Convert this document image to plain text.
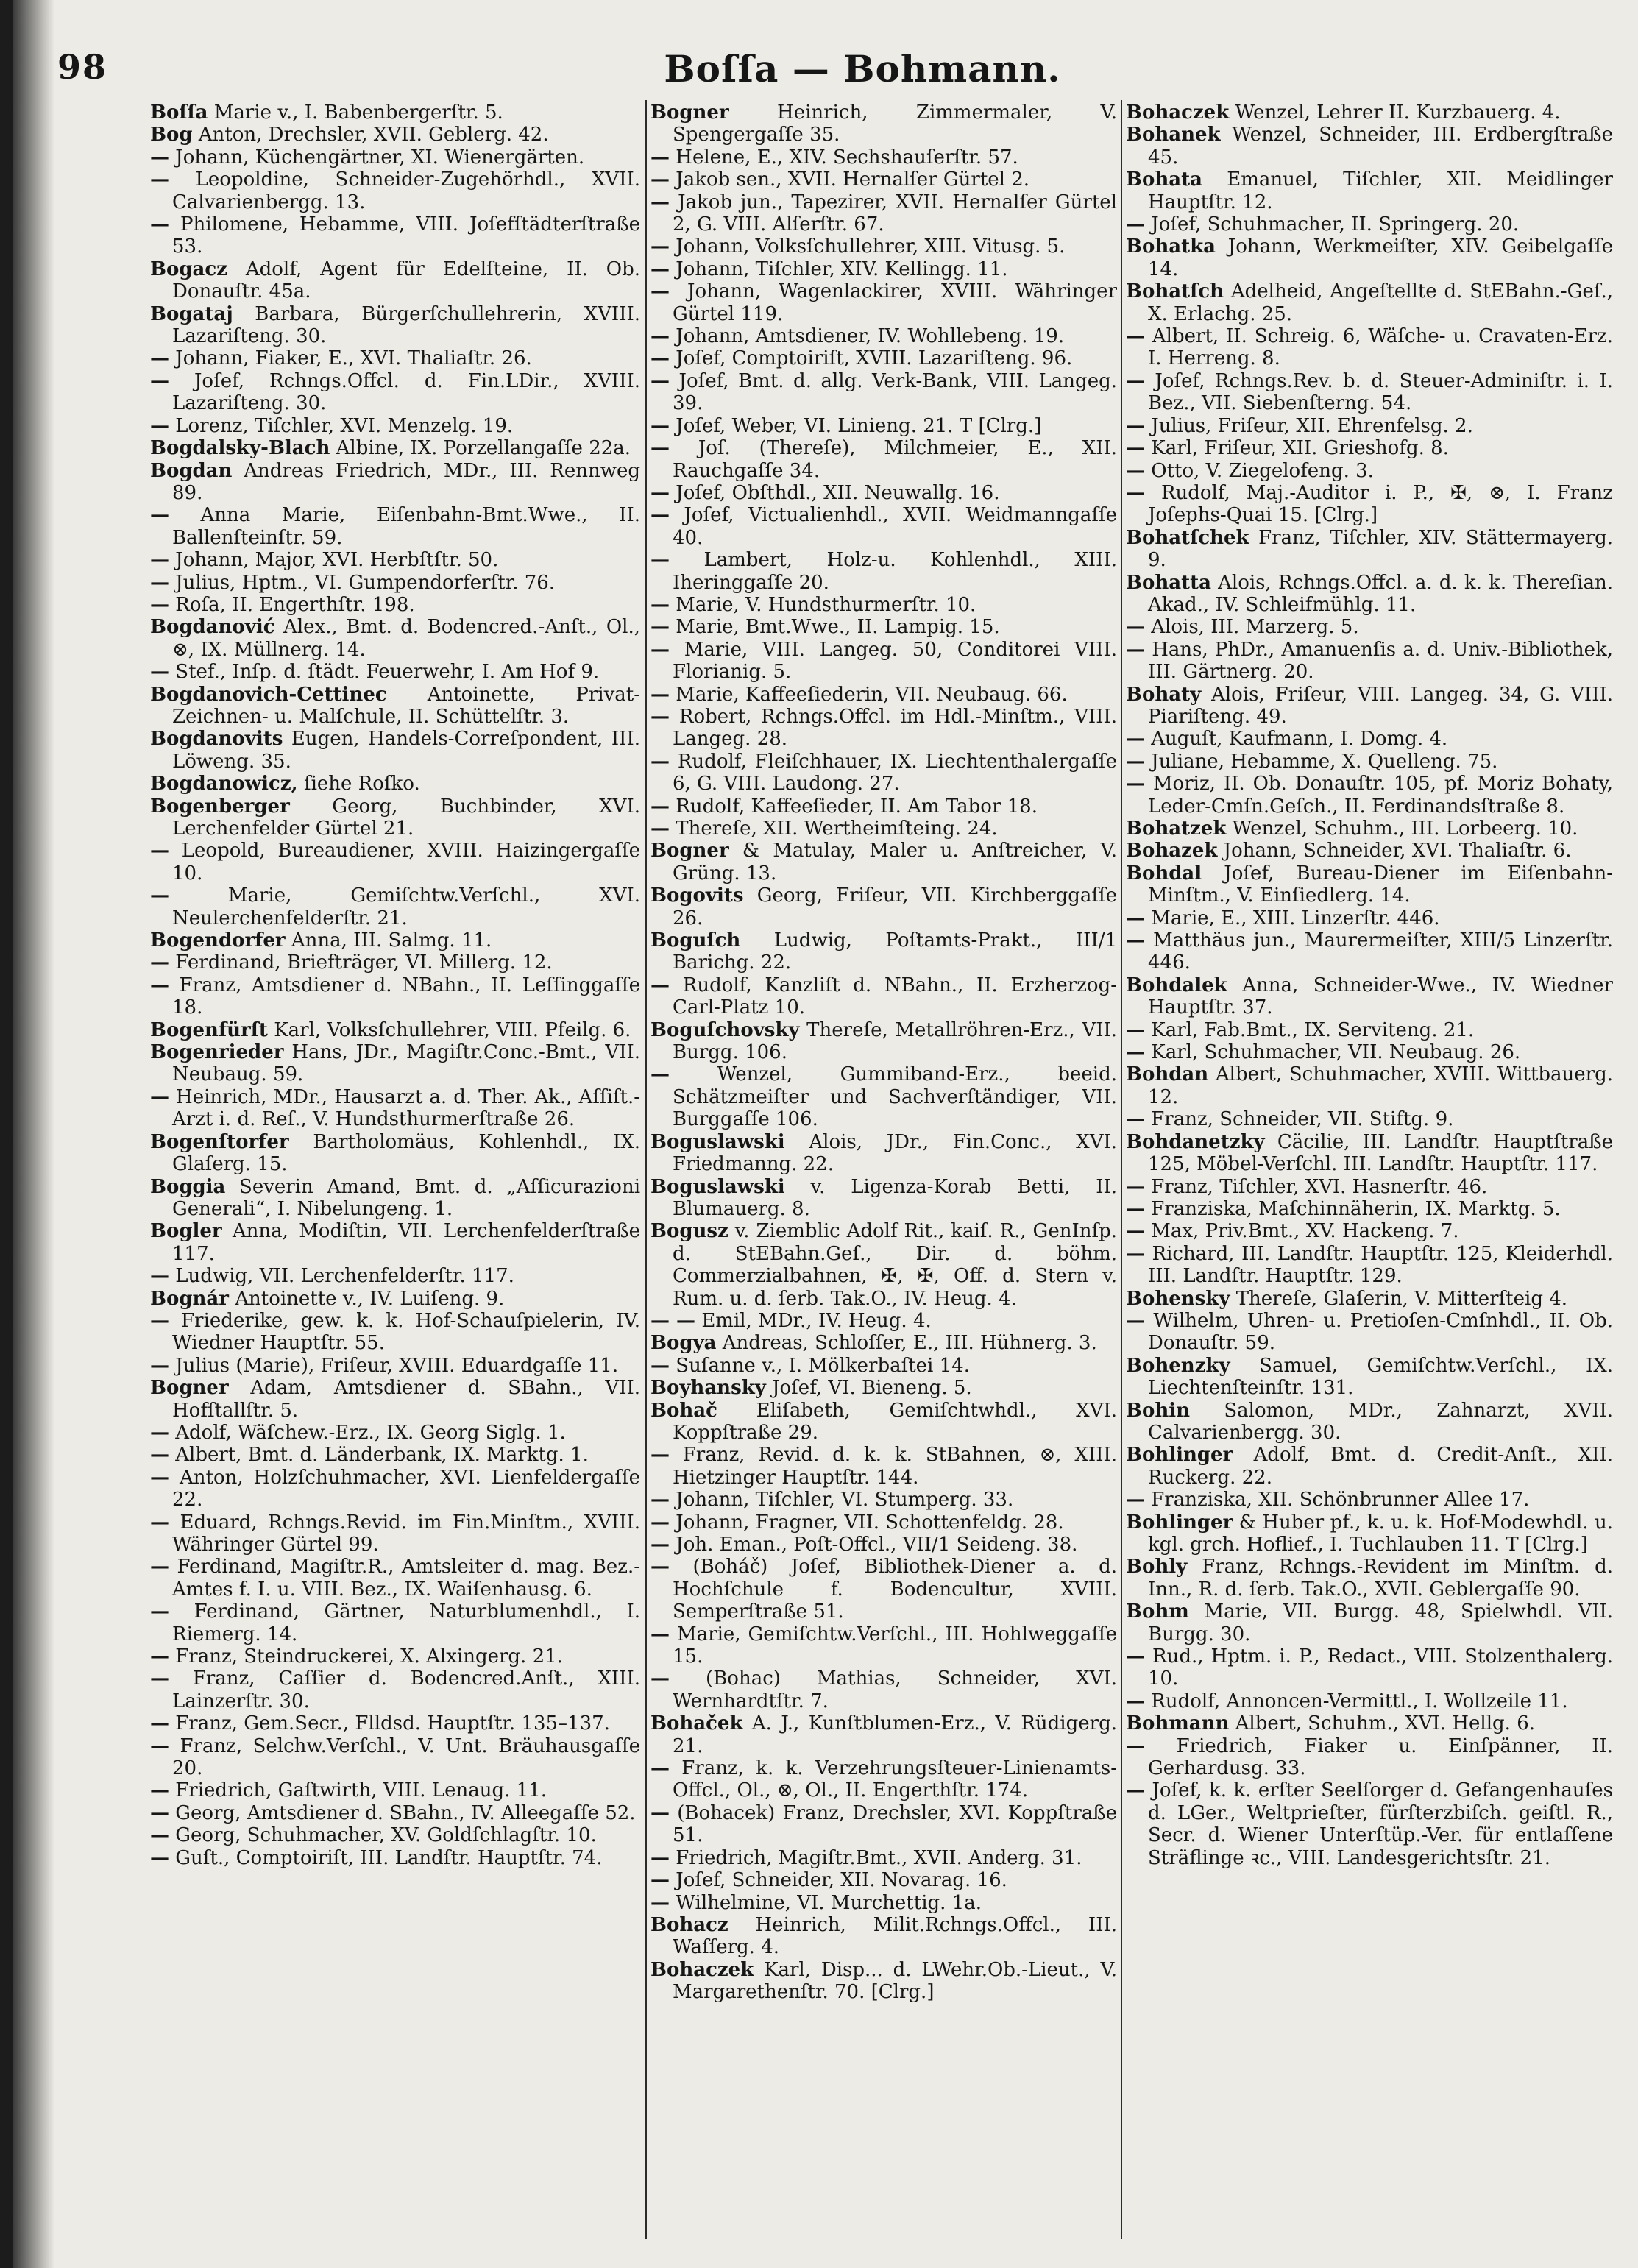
98	Boſſa — Bohmann.

Boſſa Marie v., I. Babenbergerſtr. 5.

Bog Anton, Drechsler, XVII. Geblerg. 42.

— Johann, Küchengärtner, XI. Wienergärten.

— Leopoldine, Schneider-Zugehörhdl., XVII. Calvarienbergg. 13.

— Philomene, Hebamme, VIII. Joſefſtädterſtraße 53.

Bogacz Adolf, Agent für Edelſteine, II. Ob. Donauſtr. 45a.

Bogataj Barbara, Bürgerſchullehrerin, XVIII. Lazariſteng. 30.

— Johann, Fiaker, E., XVI. Thaliaſtr. 26.

— Joſef, Rchngs.Offcl. d. Fin.LDir., XVIII. Lazariſteng. 30.

— Lorenz, Tiſchler, XVI. Menzelg. 19.

Bogdalsky-Blach Albine, IX. Porzellangaſſe 22a.

Bogdan Andreas Friedrich, MDr., III. Rennweg 89.

— Anna Marie, Eiſenbahn-Bmt.Wwe., II. Ballenſteinſtr. 59.

— Johann, Major, XVI. Herbſtſtr. 50.

— Julius, Hptm., VI. Gumpendorferſtr. 76.

— Roſa, II. Engerthſtr. 198.

Bogdanović Alex., Bmt. d. Bodencred.-Anſt., Ol., ⊗, IX. Müllnerg. 14.

— Stef., Inſp. d. ſtädt. Feuerwehr, I. Am Hof 9.

Bogdanovich-Cettinec Antoinette, Privat-Zeichnen- u. Malſchule, II. Schüttelſtr. 3.

Bogdanovits Eugen, Handels-Correſpondent, III. Löweng. 35.

Bogdanowicz, ſiehe Roſko.

Bogenberger Georg, Buchbinder, XVI. Lerchenfelder Gürtel 21.

— Leopold, Bureaudiener, XVIII. Haizingergaſſe 10.

—	Marie, Gemiſchtw.Verſchl., XVI. Neulerchenfelderſtr. 21.

Bogendorfer Anna, III. Salmg. 11.

— Ferdinand, Briefträger, VI. Millerg. 12.

— Franz, Amtsdiener d. NBahn., II. Leſſinggaſſe 18.

Bogenfürſt Karl, Volksſchullehrer, VIII. Pfeilg. 6.

Bogenrieder Hans, JDr., Magiſtr.Conc.-Bmt., VII. Neubaug. 59.

— Heinrich, MDr., Hausarzt a. d. Ther. Ak., Aſſiſt.-Arzt i. d. Reſ., V. Hundsthurmerſtraße 26.

Bogenſtorfer Bartholomäus, Kohlenhdl., IX. Glaſerg. 15.

Boggia Severin Amand, Bmt. d. „Aſſicurazioni Generali“, I. Nibelungeng. 1.

Bogler Anna, Modiſtin, VII. Lerchenfelderſtraße 117.

— Ludwig, VII. Lerchenfelderſtr. 117.

Bognár Antoinette v., IV. Luiſeng. 9.

— Friederike, gew. k. k. Hof-Schauſpielerin, IV. Wiedner Hauptſtr. 55.

— Julius (Marie), Friſeur, XVIII. Eduardgaſſe 11.

Bogner Adam, Amtsdiener d. SBahn., VII. Hofſtallſtr. 5.

— Adolf, Wäſchew.-Erz., IX. Georg Siglg. 1.

— Albert, Bmt. d. Länderbank, IX. Marktg. 1.

— Anton, Holzſchuhmacher, XVI. Lienfeldergaſſe 22.

— Eduard, Rchngs.Revid. im Fin.Minſtm., XVIII. Währinger Gürtel 99.

— Ferdinand, Magiſtr.R., Amtsleiter d. mag. Bez.-Amtes f. I. u. VIII. Bez., IX. Waiſenhausg. 6.

— Ferdinand, Gärtner, Naturblumenhdl., I. Riemerg. 14.

— Franz, Steindruckerei, X. Alxingerg. 21.

— Franz, Caſſier d. Bodencred.Anſt., XIII. Lainzerſtr. 30.

— Franz, Gem.Secr., Flldsd. Hauptſtr. 135–137.

— Franz, Selchw.Verſchl., V. Unt. Bräuhausgaſſe 20.

— Friedrich, Gaſtwirth, VIII. Lenaug. 11.

— Georg, Amtsdiener d. SBahn., IV. Alleegaſſe 52.

— Georg, Schuhmacher, XV. Goldſchlagſtr. 10.

— Guſt., Comptoiriſt, III. Landſtr. Hauptſtr. 74.

Bogner	Heinrich, Zimmermaler, V. Spengergaſſe 35.

— Helene, E., XIV. Sechshauſerſtr. 57.

— Jakob sen., XVII. Hernalſer Gürtel 2.

— Jakob jun., Tapezirer, XVII. Hernalſer Gürtel 2, G. VIII. Alſerſtr. 67.

— Johann, Volksſchullehrer, XIII. Vitusg. 5.

— Johann, Tiſchler, XIV. Kellingg. 11.

— Johann, Wagenlackirer, XVIII. Währinger Gürtel 119.

— Johann, Amtsdiener, IV. Wohllebeng. 19.

— Joſef, Comptoiriſt, XVIII. Lazariſteng. 96.

— Joſef, Bmt. d. allg. Verk-Bank, VIII. Langeg. 39.

— Joſef, Weber, VI. Linieng. 21. T [Clrg.]

— Joſ. (Thereſe), Milchmeier, E., XII. Rauchgaſſe 34.

— Joſef, Obſthdl., XII. Neuwallg. 16.

— Joſef, Victualienhdl., XVII. Weidmanngaſſe 40.

— Lambert, Holz-u. Kohlenhdl., XIII. Iheringgaſſe 20.

— Marie, V. Hundsthurmerſtr. 10.

— Marie, Bmt.Wwe., II. Lampig. 15.

— Marie, VIII. Langeg. 50, Conditorei VIII. Florianig. 5.

— Marie, Kaffeeſiederin, VII. Neubaug. 66.

— Robert, Rchngs.Offcl. im Hdl.-Minſtm., VIII. Langeg. 28.

— Rudolf, Fleiſchhauer, IX. Liechtenthalergaſſe 6, G. VIII. Laudong. 27.

— Rudolf, Kaffeeſieder, II. Am Tabor 18.

— Thereſe, XII. Wertheimſteing. 24.

Bogner & Matulay, Maler u. Anſtreicher, V. Grüng. 13.

Bogovits Georg, Friſeur, VII. Kirchberggaſſe 26.

Boguſch Ludwig, Poſtamts-Prakt., III/1 Barichg. 22.

— Rudolf, Kanzliſt d. NBahn., II. Erzherzog-Carl-Platz 10.

Boguſchovsky Thereſe, Metallröhren-Erz., VII. Burgg. 106.

— Wenzel, Gummiband-Erz., beeid. Schätzmeiſter und Sachverſtändiger, VII. Burggaſſe 106.

Boguslawski Alois, JDr., Fin.Conc., XVI. Friedmanng. 22.

Boguslawski v. Ligenza-Korab Betti, II. Blumauerg. 8.

Bogusz v. Ziemblic Adolf Rit., kaiſ. R., GenInſp. d. StEBahn.Geſ., Dir. d. böhm. Commerzialbahnen, ✠, ✠, Off. d. Stern v. Rum. u. d. ſerb. Tak.O., IV. Heug. 4.

— — Emil, MDr., IV. Heug. 4.

Bogya Andreas, Schloſſer, E., III. Hühnerg. 3.

— Suſanne v., I. Mölkerbaſtei 14.

Boyhansky Joſef, VI. Bieneng. 5.

Bohač Eliſabeth, Gemiſchtwhdl., XVI. Koppſtraße 29.

— Franz, Revid. d. k. k. StBahnen, ⊗, XIII. Hietzinger Hauptſtr. 144.

— Johann, Tiſchler, VI. Stumperg. 33.

— Johann, Fragner, VII. Schottenfeldg. 28.

— Joh. Eman., Poſt-Offcl., VII/1 Seideng. 38.

— (Boháč) Joſef, Bibliothek-Diener a. d. Hochſchule f. Bodencultur, XVIII. Semperſtraße 51.

— Marie, Gemiſchtw.Verſchl., III. Hohlweggaſſe 15.

— (Bohac) Mathias, Schneider, XVI. Wernhardtſtr. 7.

Bohaček A. J., Kunſtblumen-Erz., V. Rüdigerg. 21.

— Franz, k. k. Verzehrungsſteuer-Linienamts-Offcl., Ol., ⊗, Ol., II. Engerthſtr. 174.

— (Bohacek) Franz, Drechsler, XVI. Koppſtraße 51.

— Friedrich, Magiſtr.Bmt., XVII. Anderg. 31.

— Joſef, Schneider, XII. Novarag. 16.

— Wilhelmine, VI. Murchettig. 1a.

Bohacz Heinrich, Milit.Rchngs.Offcl., III. Waſſerg. 4.

Bohaczek Karl, Disp... d. LWehr.Ob.-Lieut., V. Margarethenſtr. 70. [Clrg.]

Bohaczek Wenzel, Lehrer II. Kurzbauerg. 4.

Bohanek Wenzel, Schneider, III. Erdbergſtraße 45.

Bohata Emanuel, Tiſchler, XII. Meidlinger Hauptſtr. 12.

— Joſef, Schuhmacher, II. Springerg. 20.

Bohatka Johann, Werkmeiſter, XIV. Geibelgaſſe 14.

Bohatſch Adelheid, Angeſtellte d. StEBahn.-Geſ., X. Erlachg. 25.

— Albert, II. Schreig. 6, Wäſche- u. Cravaten-Erz. I. Herreng. 8.

— Joſef, Rchngs.Rev. b. d. Steuer-Adminiſtr. i. I. Bez., VII. Siebenſterng. 54.

— Julius, Friſeur, XII. Ehrenfelsg. 2.

— Karl, Friſeur, XII. Grieshofg. 8.

— Otto, V. Ziegelofeng. 3.

— Rudolf, Maj.-Auditor i. P., ✠, ⊗, I. Franz Joſephs-Quai 15. [Clrg.]

Bohatſchek Franz, Tiſchler, XIV. Stättermayerg. 9.

Bohatta Alois, Rchngs.Offcl. a. d. k. k. Thereſian. Akad., IV. Schleifmühlg. 11.

— Alois, III. Marzerg. 5.

— Hans, PhDr., Amanuenſis a. d. Univ.-Bibliothek, III. Gärtnerg. 20.

Bohaty Alois, Friſeur, VIII. Langeg. 34, G. VIII. Piariſteng. 49.

— Auguſt, Kaufmann, I. Domg. 4.

— Juliane, Hebamme, X. Quelleng. 75.

— Moriz, II. Ob. Donauſtr. 105, pf. Moriz Bohaty, Leder-Cmſn.Geſch., II. Ferdinandsſtraße 8.

Bohatzek Wenzel, Schuhm., III. Lorbeerg. 10.

Bohazek Johann, Schneider, XVI. Thaliaſtr. 6.

Bohdal Joſef, Bureau-Diener im Eiſenbahn-Minſtm., V. Einſiedlerg. 14.

— Marie, E., XIII. Linzerſtr. 446.

— Matthäus jun., Maurermeiſter, XIII/5 Linzerſtr. 446.

Bohdalek Anna, Schneider-Wwe., IV. Wiedner Hauptſtr. 37.

— Karl, Fab.Bmt., IX. Serviteng. 21.

— Karl, Schuhmacher, VII. Neubaug. 26.

Bohdan Albert, Schuhmacher, XVIII. Wittbauerg. 12.

— Franz, Schneider, VII. Stiftg. 9.

Bohdanetzky Cäcilie, III. Landſtr. Hauptſtraße 125, Möbel-Verſchl. III. Landſtr. Hauptſtr. 117.

— Franz, Tiſchler, XVI. Hasnerſtr. 46.

— Franziska, Maſchinnäherin, IX. Marktg. 5.

— Max, Priv.Bmt., XV. Hackeng. 7.

— Richard, III. Landſtr. Hauptſtr. 125, Kleiderhdl. III. Landſtr. Hauptſtr. 129.

Bohensky Thereſe, Glaſerin, V. Mitterſteig 4.

— Wilhelm, Uhren- u. Pretioſen-Cmſnhdl., II. Ob. Donauſtr. 59.

Bohenzky Samuel, Gemiſchtw.Verſchl., IX. Liechtenſteinſtr. 131.

Bohin Salomon, MDr., Zahnarzt, XVII. Calvarienbergg. 30.

Bohlinger Adolf, Bmt. d. Credit-Anſt., XII. Ruckerg. 22.

— Franziska, XII. Schönbrunner Allee 17.

Bohlinger & Huber pf., k. u. k. Hof-Modewhdl. u. kgl. grch. Hoflief., I. Tuchlauben 11. T [Clrg.]

Bohly Franz, Rchngs.-Revident im Minſtm. d. Inn., R. d. ſerb. Tak.O., XVII. Geblergaſſe 90.

Bohm Marie, VII. Burgg. 48, Spielwhdl. VII. Burgg. 30.

— Rud., Hptm. i. P., Redact., VIII. Stolzenthalerg. 10.

— Rudolf, Annoncen-Vermittl., I. Wollzeile 11.

Bohmann Albert, Schuhm., XVI. Hellg. 6.

— Friedrich, Fiaker u. Einſpänner, II. Gerhardusg. 33.

— Joſef, k. k. erſter Seelſorger d. Gefangenhauſes d. LGer., Weltprieſter, fürſterzbiſch. geiſtl. R., Secr. d. Wiener Unterſtüp.-Ver. für entlaſſene Sträflinge ꝛc., VIII. Landesgerichtsſtr. 21.
